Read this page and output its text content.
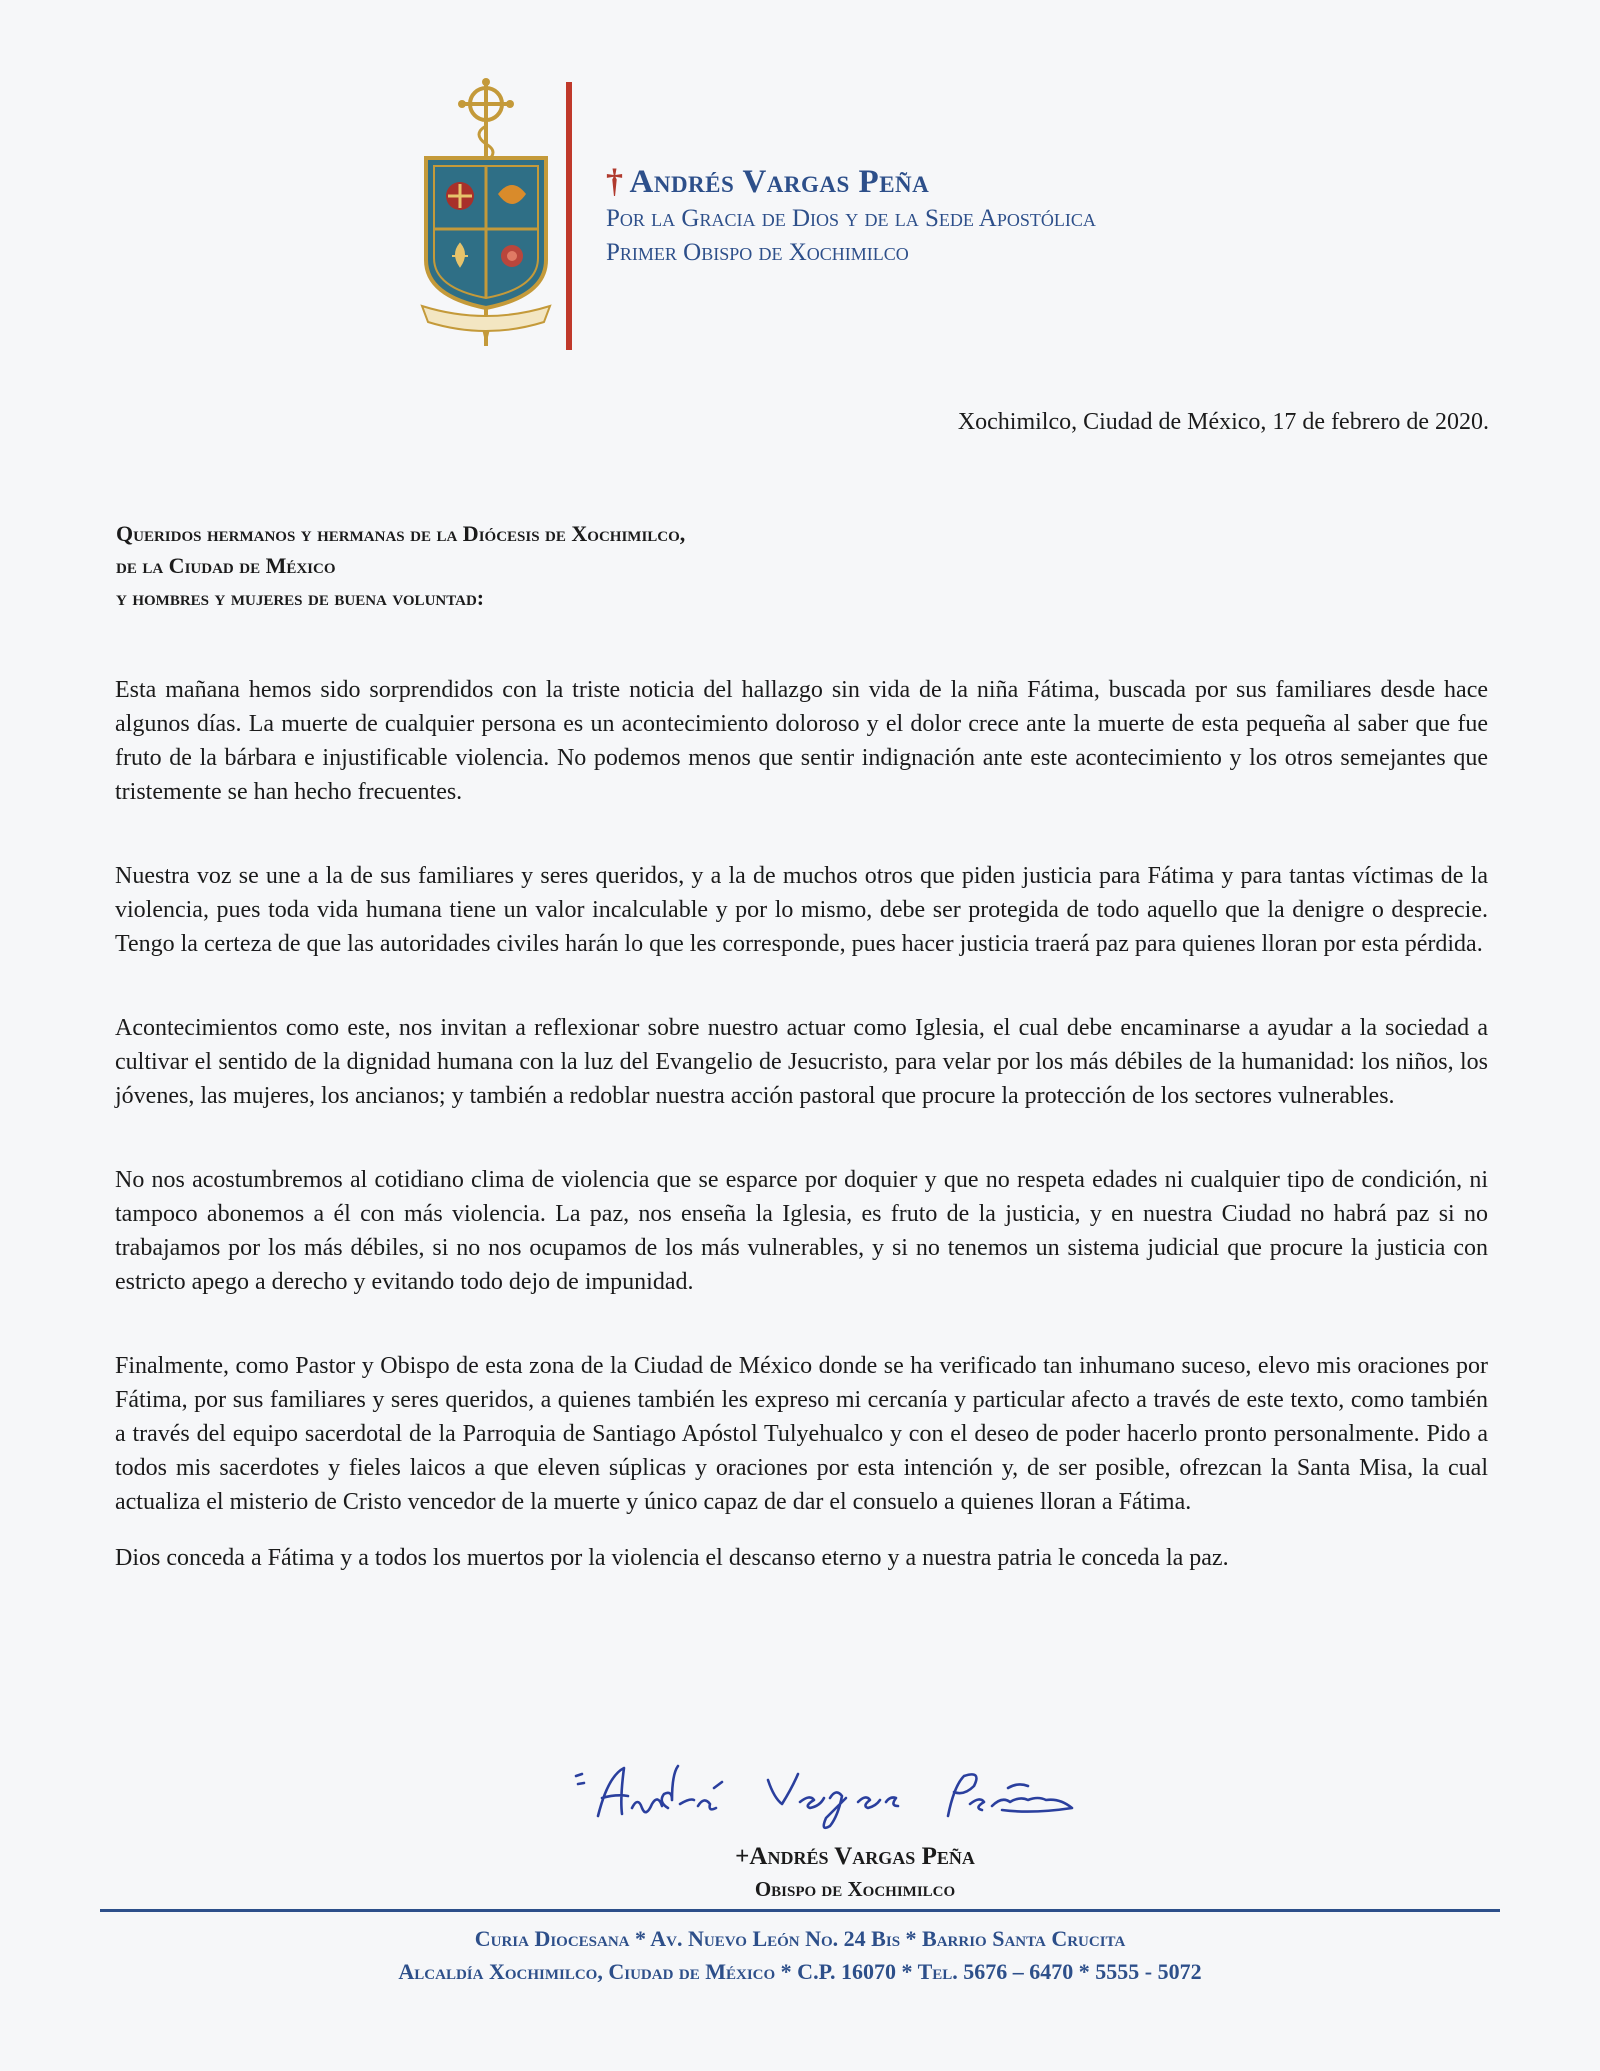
† Andrés Vargas Peña
Por la Gracia de Dios y de la Sede Apostólica
Primer Obispo de Xochimilco
Xochimilco, Ciudad de México, 17 de febrero de 2020.
Queridos hermanos y hermanas de la Diócesis de Xochimilco,
de la Ciudad de México
y hombres y mujeres de buena voluntad:

Esta mañana hemos sido sorprendidos con la triste noticia del hallazgo sin vida de la niña Fátima, buscada por sus familiares desde hace algunos días. La muerte de cualquier persona es un acontecimiento doloroso y el dolor crece ante la muerte de esta pequeña al saber que fue fruto de la bárbara e injustificable violencia. No podemos menos que sentir indignación ante este acontecimiento y los otros semejantes que tristemente se han hecho frecuentes.

Nuestra voz se une a la de sus familiares y seres queridos, y a la de muchos otros que piden justicia para Fátima y para tantas víctimas de la violencia, pues toda vida humana tiene un valor incalculable y por lo mismo, debe ser protegida de todo aquello que la denigre o desprecie. Tengo la certeza de que las autoridades civiles harán lo que les corresponde, pues hacer justicia traerá paz para quienes lloran por esta pérdida.

Acontecimientos como este, nos invitan a reflexionar sobre nuestro actuar como Iglesia, el cual debe encaminarse a ayudar a la sociedad a cultivar el sentido de la dignidad humana con la luz del Evangelio de Jesucristo, para velar por los más débiles de la humanidad: los niños, los jóvenes, las mujeres, los ancianos; y también a redoblar nuestra acción pastoral que procure la protección de los sectores vulnerables.

No nos acostumbremos al cotidiano clima de violencia que se esparce por doquier y que no respeta edades ni cualquier tipo de condición, ni tampoco abonemos a él con más violencia. La paz, nos enseña la Iglesia, es fruto de la justicia, y en nuestra Ciudad no habrá paz si no trabajamos por los más débiles, si no nos ocupamos de los más vulnerables, y si no tenemos un sistema judicial que procure la justicia con estricto apego a derecho y evitando todo dejo de impunidad.

Finalmente, como Pastor y Obispo de esta zona de la Ciudad de México donde se ha verificado tan inhumano suceso, elevo mis oraciones por Fátima, por sus familiares y seres queridos, a quienes también les expreso mi cercanía y particular afecto a través de este texto, como también a través del equipo sacerdotal de la Parroquia de Santiago Apóstol Tulyehualco y con el deseo de poder hacerlo pronto personalmente. Pido a todos mis sacerdotes y fieles laicos a que eleven súplicas y oraciones por esta intención y, de ser posible, ofrezcan la Santa Misa, la cual actualiza el misterio de Cristo vencedor de la muerte y único capaz de dar el consuelo a quienes lloran a Fátima.

Dios conceda a Fátima y a todos los muertos por la violencia el descanso eterno y a nuestra patria le conceda la paz.

+Andrés Vargas Peña
Obispo de Xochimilco
Curia Diocesana * Av. Nuevo León No. 24 Bis * Barrio Santa Crucita
Alcaldía Xochimilco, Ciudad de México * C.P. 16070 * Tel. 5676 – 6470 * 5555 - 5072
